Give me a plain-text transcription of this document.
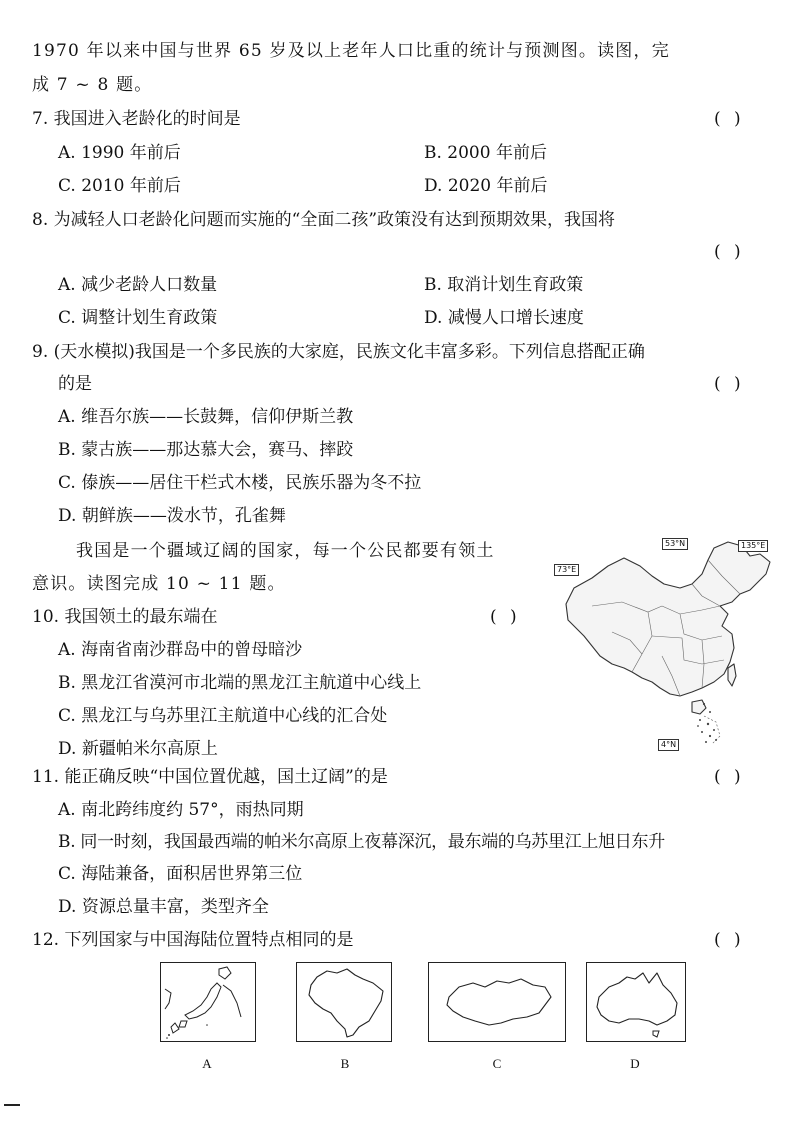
1970 年以来中国与世界 65 岁及以上老年人口比重的统计与预测图。读图，完
成 7 ~ 8 题。
7. 我国进入老龄化的时间是	( )
A. 1990 年前后	B. 2000 年前后
C. 2010 年前后	D. 2020 年前后
8. 为减轻人口老龄化问题而实施的“全面二孩”政策没有达到预期效果，我国将
( )
A. 减少老龄人口数量	B. 取消计划生育政策
C. 调整计划生育政策	D. 减慢人口增长速度
9. (天水模拟)我国是一个多民族的大家庭，民族文化丰富多彩。下列信息搭配正确
的是	( )
A. 维吾尔族——长鼓舞，信仰伊斯兰教
B. 蒙古族——那达慕大会，赛马、摔跤
C. 傣族——居住干栏式木楼，民族乐器为冬不拉
D. 朝鲜族——泼水节，孔雀舞
我国是一个疆域辽阔的国家，每一个公民都要有领土
意识。读图完成 10 ~ 11 题。
53°N	135°E
73°E
4°N
10. 我国领土的最东端在	( )
A. 海南省南沙群岛中的曾母暗沙
B. 黑龙江省漠河市北端的黑龙江主航道中心线上
C. 黑龙江与乌苏里江主航道中心线的汇合处
D. 新疆帕米尔高原上
11. 能正确反映“中国位置优越，国土辽阔”的是	( )
A. 南北跨纬度约 57°，雨热同期
B. 同一时刻，我国最西端的帕米尔高原上夜幕深沉，最东端的乌苏里江上旭日东升
C. 海陆兼备，面积居世界第三位
D. 资源总量丰富，类型齐全
12. 下列国家与中国海陆位置特点相同的是	( )
A	B	C	D
